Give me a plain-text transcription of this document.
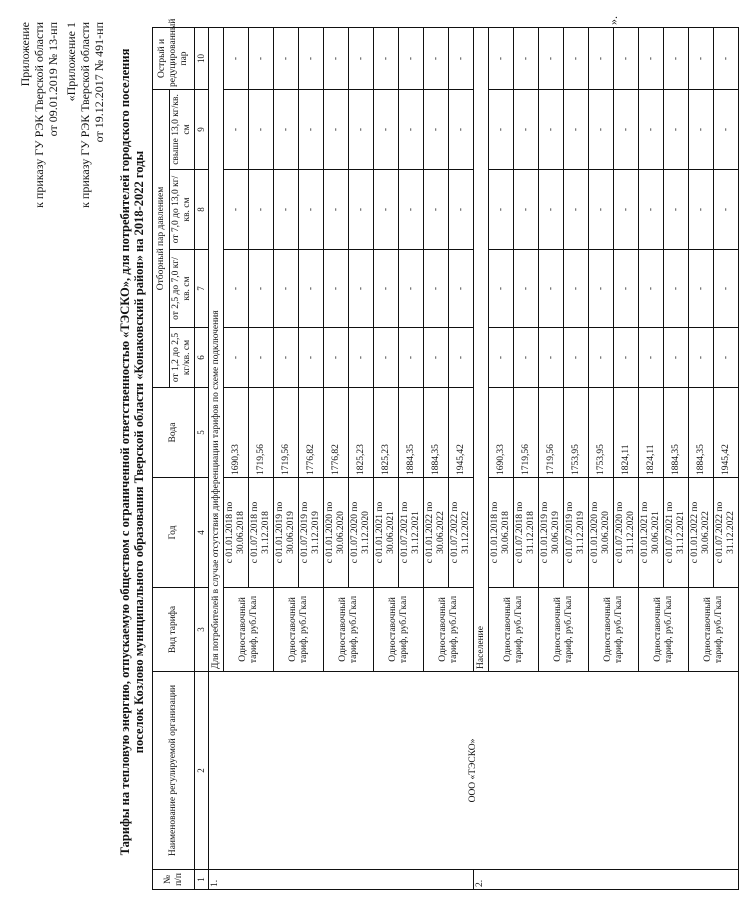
Приложение к приказу ГУ РЭК Тверской области от 09.01.2019 № 13-нп «Приложение 1 к приказу ГУ РЭК Тверской области от 19.12.2017 № 491-нп Тарифы на тепловую энергию, отпускаемую обществом с ограниченной ответственностью «ТЭСКО», для потребителей городского поселения поселок Козлово муниципального образования Тверской области «Конаковский район» на 2018-2022 годы
№ п/п	Наименование регулируемой организации	Вид тарифа	Год	Вода	Отборный пар давлением				Острый и редуцированный пар
					от 1,2 до 2,5 кг/кв. см	от 2,5 до 7,0 кг/кв. см	от 7,0 до 13,0 кг/кв. см	свыше 13,0 кг/кв. см	
1	2	3	4	5	6	7	8	9	10
1.	ООО «ТЭСКО»	Для потребителей в случае отсутствия дифференциации тарифов по схеме подключения							
		Одноставочный тариф, руб./Гкал	с 01.01.2018 по 30.06.2018	1690,33	-	-	-	-	-
			с 01.07.2018 по 31.12.2018	1719,56	-	-	-	-	-
		Одноставочный тариф, руб./Гкал	с 01.01.2019 по 30.06.2019	1719,56	-	-	-	-	-
			с 01.07.2019 по 31.12.2019	1776,82	-	-	-	-	-
		Одноставочный тариф, руб./Гкал	с 01.01.2020 по 30.06.2020	1776,82	-	-	-	-	-
			с 01.07.2020 по 31.12.2020	1825,23	-	-	-	-	-
		Одноставочный тариф, руб./Гкал	с 01.01.2021 по 30.06.2021	1825,23	-	-	-	-	-
			с 01.07.2021 по 31.12.2021	1884,35	-	-	-	-	-
		Одноставочный тариф, руб./Гкал	с 01.01.2022 по 30.06.2022	1884,35	-	-	-	-	-
			с 01.07.2022 по 31.12.2022	1945,42	-	-	-	-	-
2.		Население							
		Одноставочный тариф, руб./Гкал	с 01.01.2018 по 30.06.2018	1690,33	-	-	-	-	-
			с 01.07.2018 по 31.12.2018	1719,56	-	-	-	-	-
		Одноставочный тариф, руб./Гкал	с 01.01.2019 по 30.06.2019	1719,56	-	-	-	-	-
			с 01.07.2019 по 31.12.2019	1753,95	-	-	-	-	-
		Одноставочный тариф, руб./Гкал	с 01.01.2020 по 30.06.2020	1753,95	-	-	-	-	-
			с 01.07.2020 по 31.12.2020	1824,11	-	-	-	-	-
		Одноставочный тариф, руб./Гкал	с 01.01.2021 по 30.06.2021	1824,11	-	-	-	-	-
			с 01.07.2021 по 31.12.2021	1884,35	-	-	-	-	-
		Одноставочный тариф, руб./Гкал	с 01.01.2022 по 30.06.2022	1884,35	-	-	-	-	-
			с 01.07.2022 по 31.12.2022	1945,42	-	-	-	-	-
».
